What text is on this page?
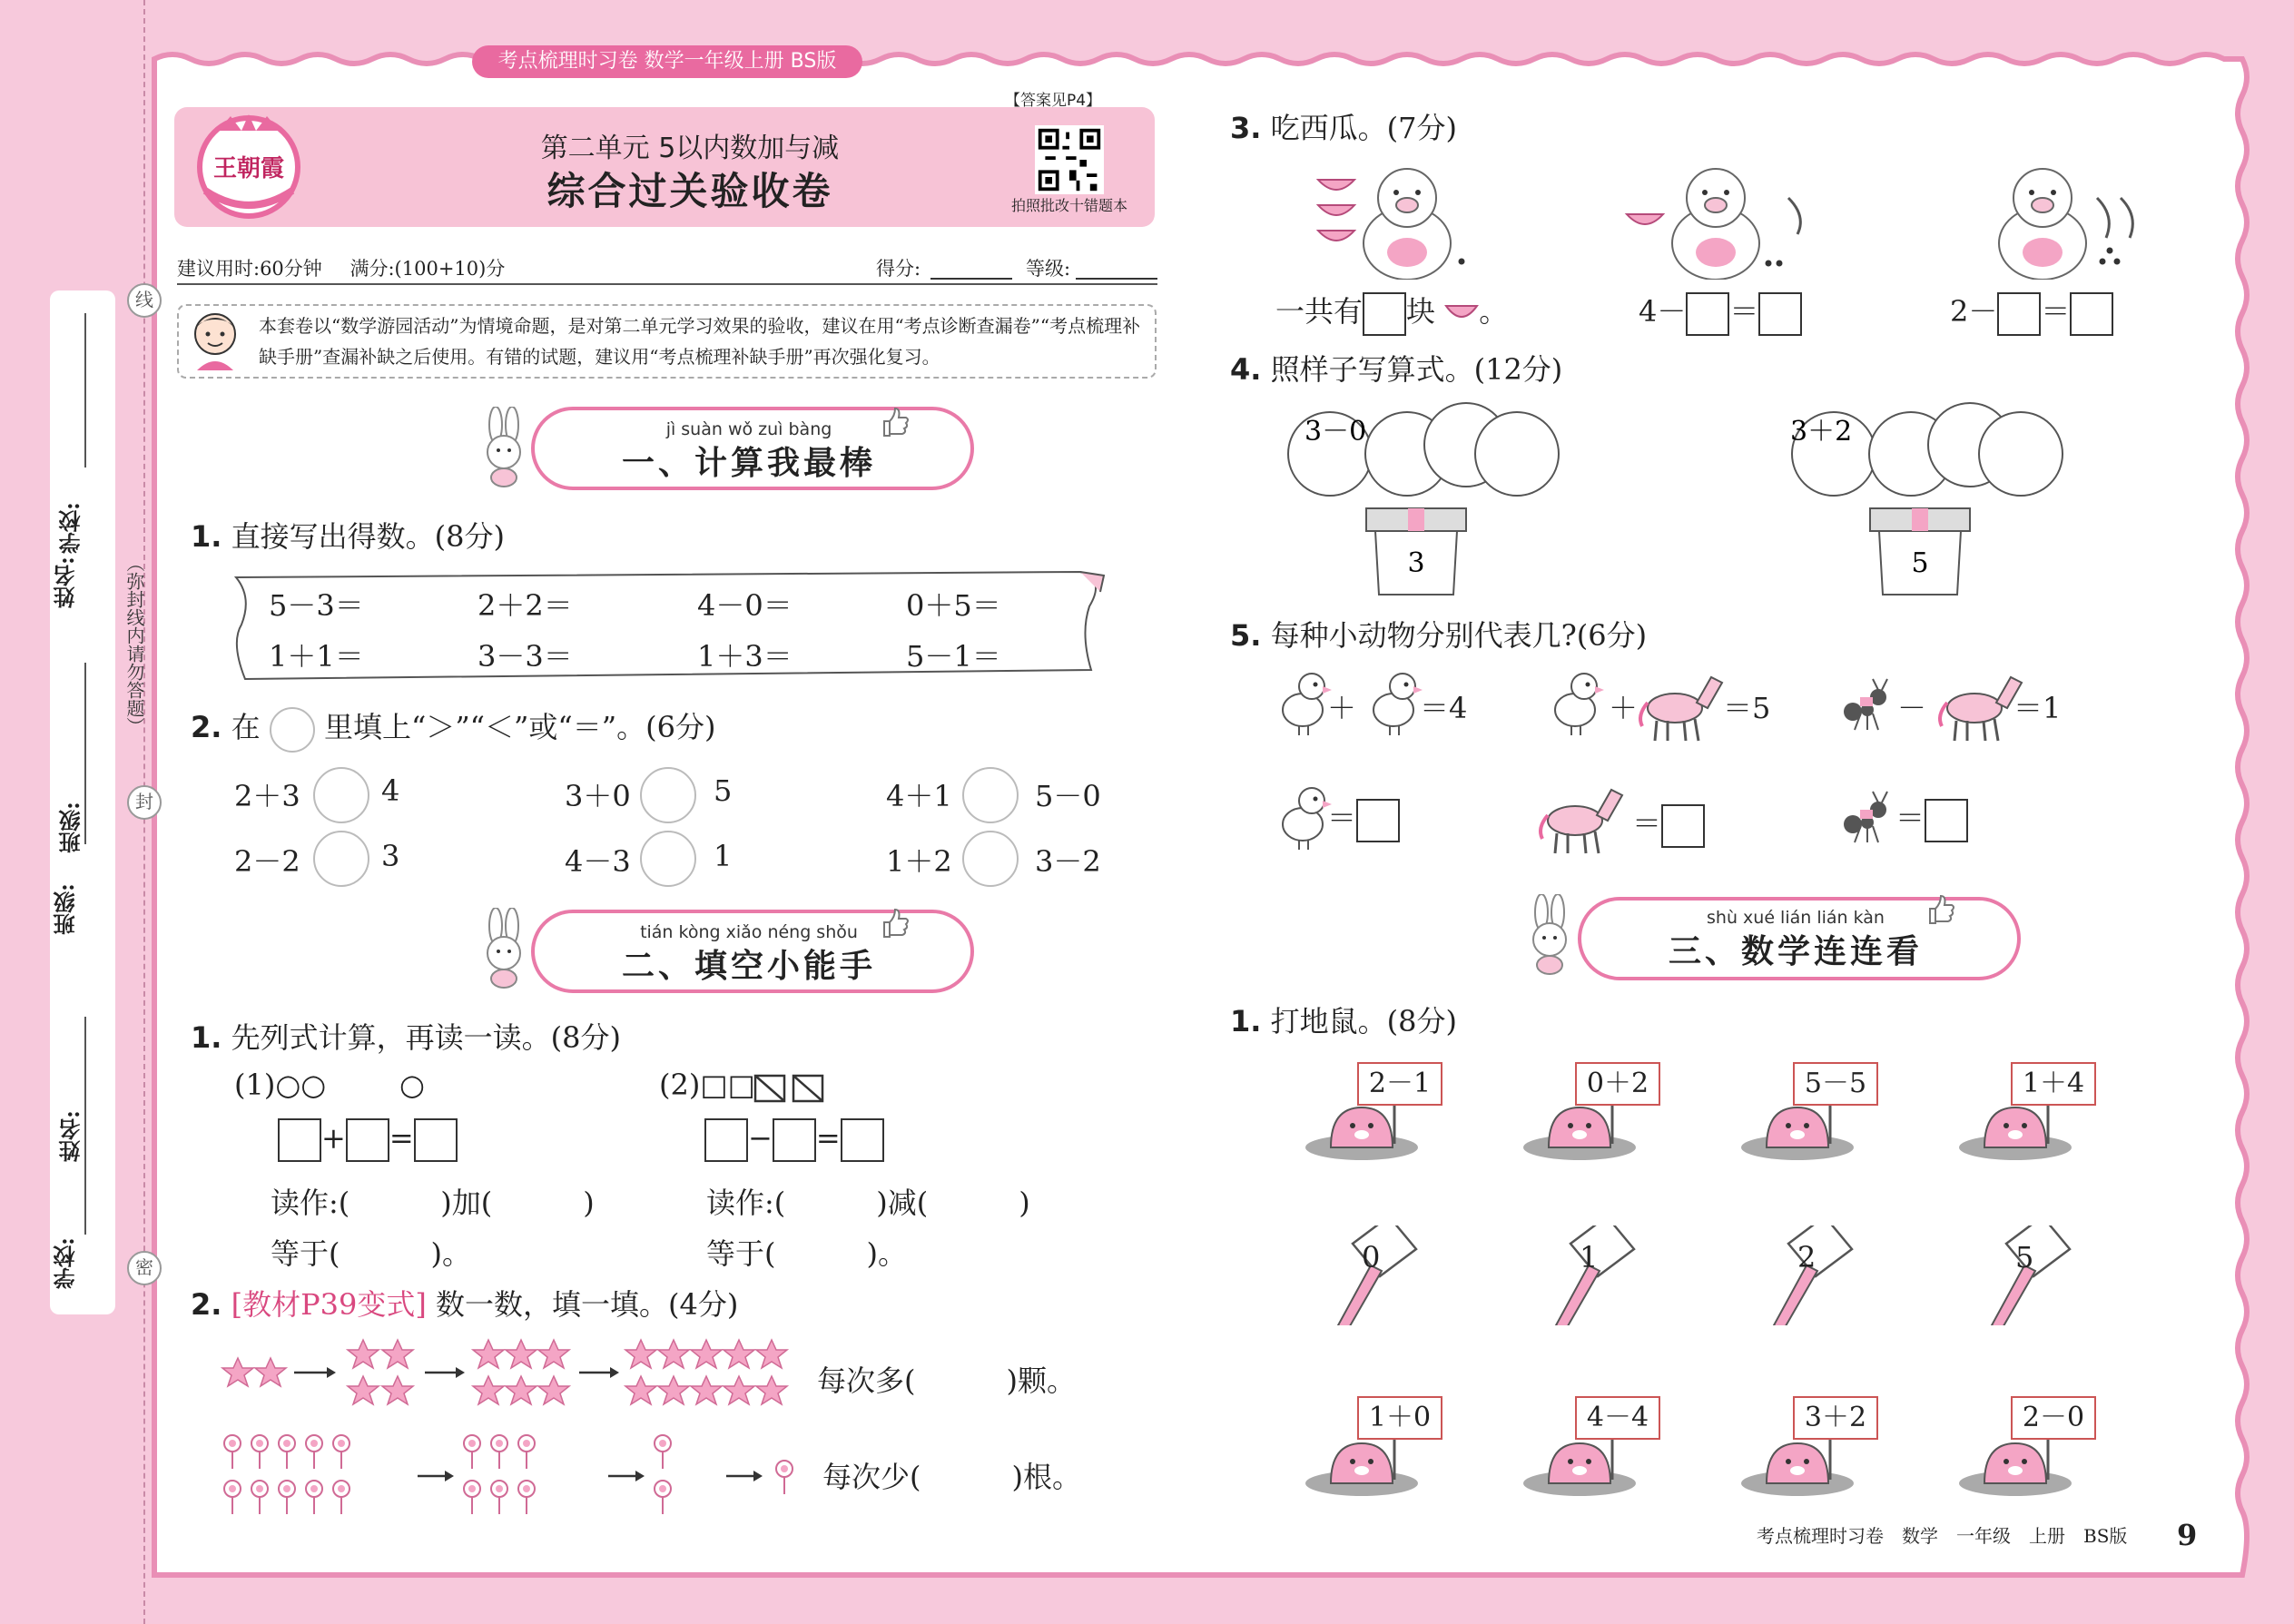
学校:
班级:
姓名:
学校:
班级:
姓名:
线
封
密
（弥封线内请勿答题）
考点梳理时习卷 数学一年级上册 BS版
王朝霞
第二单元 5以内数加与减
综合过关验收卷
【答案见P4】
拍照批改十错题本
建议用时:60分钟 满分:(100+10)分	得分:	等级:
本套卷以“数学游园活动”为情境命题，是对第二单元学习效果的验收，建议在用“考点诊断查漏卷”“考点梳理补缺手册”查漏补缺之后使用。有错的试题，建议用“考点梳理补缺手册”再次强化复习。
jì suàn wǒ zuì bàng
一、计算我最棒
1. 直接写出得数。(8分)
5－3＝	2＋2＝	4－0＝	0＋5＝
1＋1＝	3－3＝	1＋3＝	5－1＝
2. 在 里填上“＞”“＜”或“＝”。(6分)
2＋3	4	3＋0	5	4＋1	5－0
2－2	3	4－3	1	1＋2	3－2
tián kòng xiǎo néng shǒu
二、填空小能手
1. 先列式计算，再读一读。(8分)
(1)○○	○	(2)□□
+ =	− =
读作:(	)加(	)	读作:(	)减(	)
等于(	)。	等于(	)。
2. [教材P39变式] 数一数，填一填。(4分)
每次多(	)颗。
每次少(	)根。
3. 吃西瓜。(7分)
一共有 块 。	4－ ＝	2－ ＝
4. 照样子写算式。(12分)
3－0
3
3＋2
5
5. 每种小动物分别代表几?(6分)
＋ ＝4	＋	＝5	－	＝1
＝	＝	＝
shù xué lián lián kàn
三、数学连连看
1. 打地鼠。(8分)
2－1	0＋2	5－5	1＋4
0	1	2	5
1＋0	4－4	3＋2	2－0
考点梳理时习卷　数学　一年级　上册　BS版 9
